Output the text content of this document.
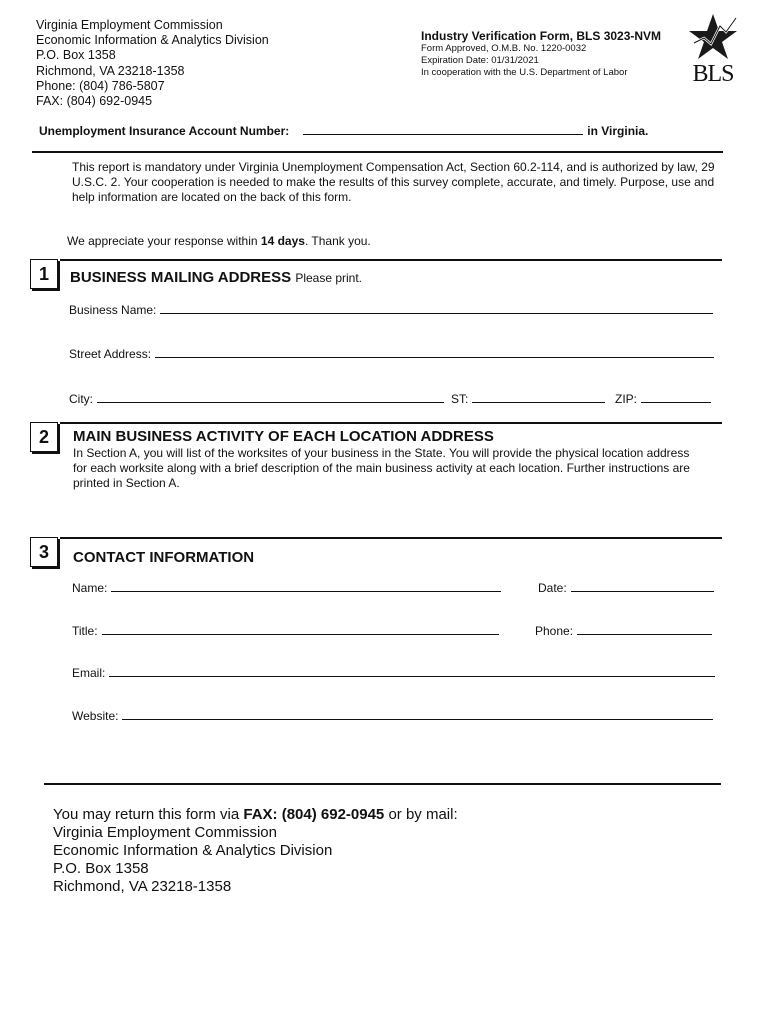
Virginia Employment Commission
Economic Information & Analytics Division
P.O. Box 1358
Richmond, VA 23218-1358
Phone: (804) 786-5807
FAX: (804) 692-0945
Industry Verification Form, BLS 3023-NVM
Form Approved, O.M.B. No. 1220-0032
Expiration Date: 01/31/2021
In cooperation with the U.S. Department of Labor	BLS
Unemployment Insurance Account Number:	in Virginia.
This report is mandatory under Virginia Unemployment Compensation Act, Section 60.2-114, and is authorized by law, 29 U.S.C. 2. Your cooperation is needed to make the results of this survey complete, accurate, and timely. Purpose, use and help information are located on the back of this form.
We appreciate your response within 14 days. Thank you.
1	BUSINESS MAILING ADDRESS Please print.
Business Name:
Street Address:
City:	ST:	ZIP:
2	MAIN BUSINESS ACTIVITY OF EACH LOCATION ADDRESS
In Section A, you will list of the worksites of your business in the State. You will provide the physical location address for each worksite along with a brief description of the main business activity at each location. Further instructions are printed in Section A.
3	CONTACT INFORMATION
Name:	Date:
Title:	Phone:
Email:
Website:
You may return this form via FAX: (804) 692-0945 or by mail:
Virginia Employment Commission
Economic Information & Analytics Division
P.O. Box 1358
Richmond, VA 23218-1358
